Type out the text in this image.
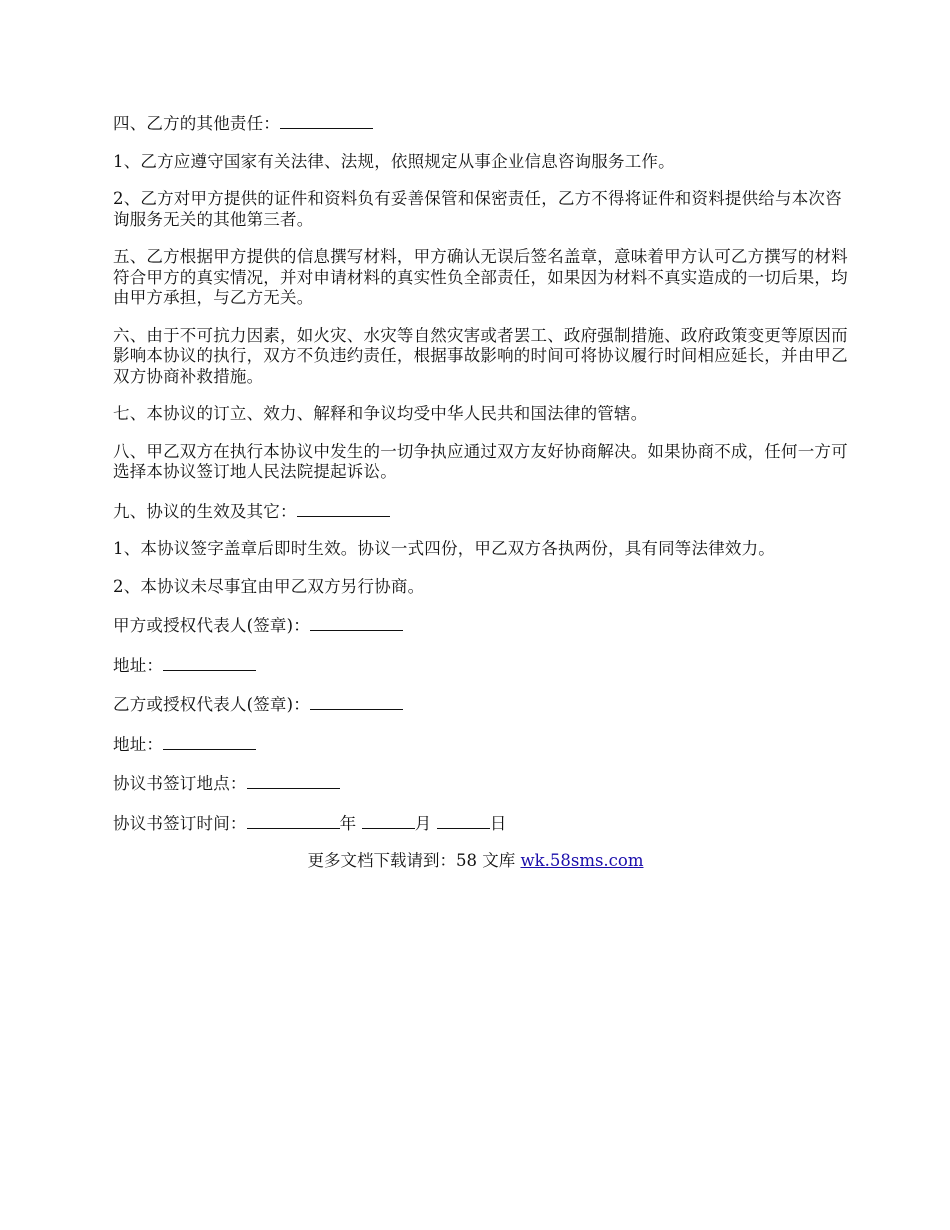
四、乙方的其他责任：

1、乙方应遵守国家有关法律、法规，依照规定从事企业信息咨询服务工作。

2、乙方对甲方提供的证件和资料负有妥善保管和保密责任，乙方不得将证件和资料提供给与本次咨询服务无关的其他第三者。

五、乙方根据甲方提供的信息撰写材料，甲方确认无误后签名盖章，意味着甲方认可乙方撰写的材料符合甲方的真实情况，并对申请材料的真实性负全部责任，如果因为材料不真实造成的一切后果，均由甲方承担，与乙方无关。

六、由于不可抗力因素，如火灾、水灾等自然灾害或者罢工、政府强制措施、政府政策变更等原因而影响本协议的执行，双方不负违约责任，根据事故影响的时间可将协议履行时间相应延长，并由甲乙双方协商补救措施。

七、本协议的订立、效力、解释和争议均受中华人民共和国法律的管辖。

八、甲乙双方在执行本协议中发生的一切争执应通过双方友好协商解决。如果协商不成，任何一方可选择本协议签订地人民法院提起诉讼。

九、协议的生效及其它：

1、本协议签字盖章后即时生效。协议一式四份，甲乙双方各执两份，具有同等法律效力。

2、本协议未尽事宜由甲乙双方另行协商。

甲方或授权代表人(签章)：

地址：

乙方或授权代表人(签章)：

地址：

协议书签订地点：

协议书签订时间：	年	月	日

更多文档下载请到：58 文库 wk.58sms.com
